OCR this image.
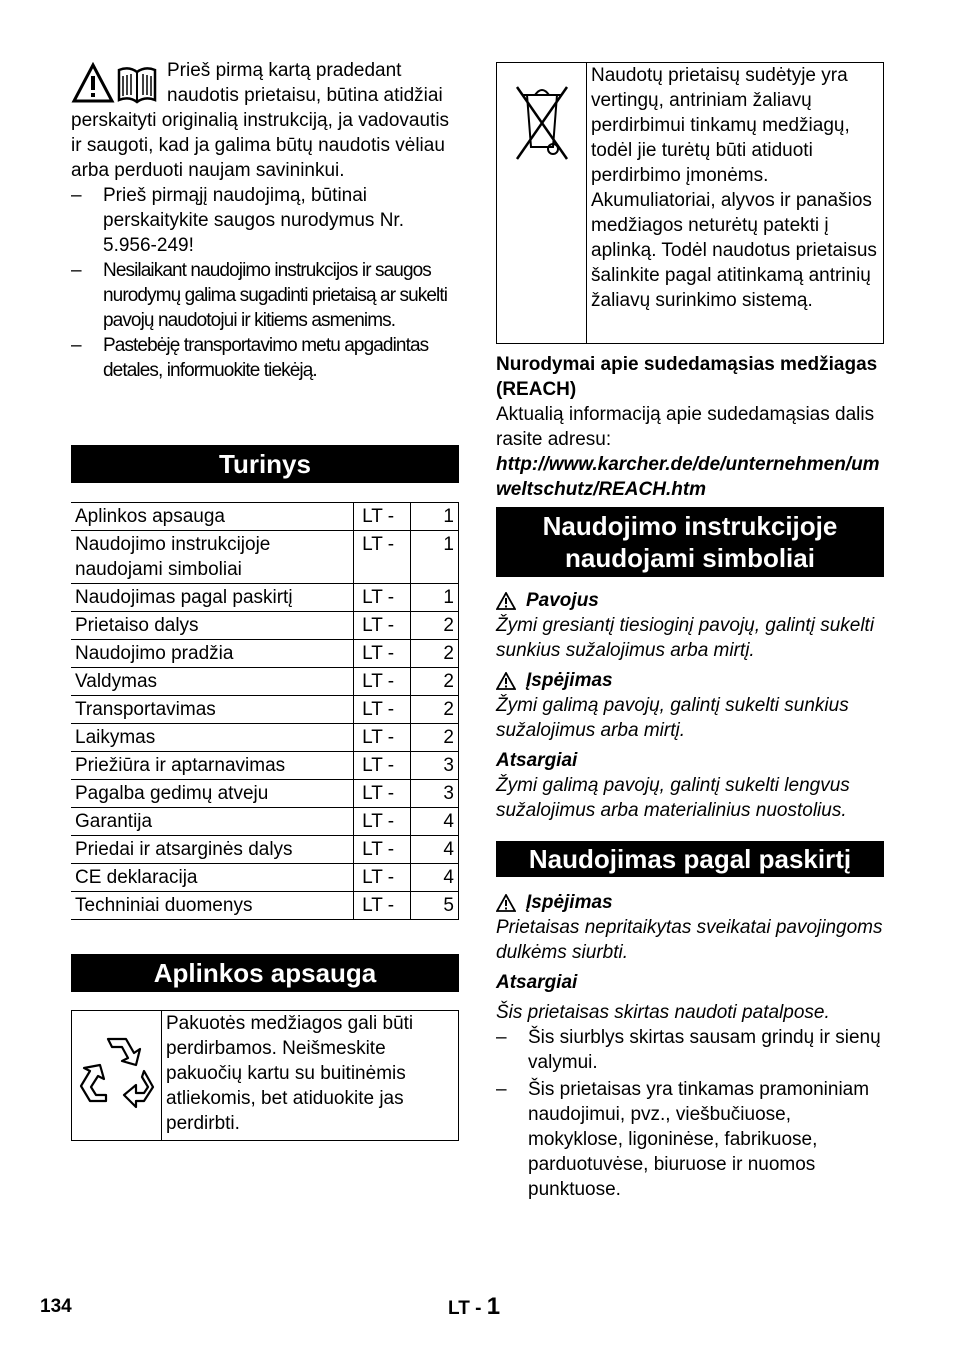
Prieš pirmą kartą pradedant naudotis prietaisu, būtina atidžiai perskaityti originalią instrukciją, ja vadovautis ir saugoti, kad ja galima būtų naudotis vėliau arba perduoti naujam savininkui.

– Prieš pirmąjį naudojimą, būtinai perskaitykite saugos nurodymus Nr. 5.956-249!
– Nesilaikant naudojimo instrukcijos ir saugos nurodymų galima sugadinti prietaisą ar sukelti pavojų naudotojui ir kitiems asmenims.
– Pastebėję transportavimo metu apgadintas detales, informuokite tiekėją.
Turinys
Aplinkos apsauga	LT -	1
Naudojimo instrukcijoje naudojami simboliai	LT -	1
Naudojimas pagal paskirtį	LT -	1
Prietaiso dalys	LT -	2
Naudojimo pradžia	LT -	2
Valdymas	LT -	2
Transportavimas	LT -	2
Laikymas	LT -	2
Priežiūra ir aptarnavimas	LT -	3
Pagalba gedimų atveju	LT -	3
Garantija	LT -	4
Priedai ir atsarginės dalys	LT -	4
CE deklaracija	LT -	4
Techniniai duomenys	LT -	5
Aplinkos apsauga
Pakuotės medžiagos gali būti perdirbamos. Neišmeskite pakuočių kartu su buitinėmis atliekomis, bet atiduokite jas perdirbti.
Naudotų prietaisų sudėtyje yra vertingų, antriniam žaliavų perdirbimui tinkamų medžiagų, todėl jie turėtų būti atiduoti perdirbimo įmonėms. Akumuliatoriai, alyvos ir panašios medžiagos neturėtų patekti į aplinką. Todėl naudotus prietaisus šalinkite pagal atitinkamą antrinių žaliavų surinkimo sistemą.

Nurodymai apie sudedamąsias medžiagas (REACH)

Aktualią informaciją apie sudedamąsias dalis rasite adresu:

http://www.karcher.de/de/unternehmen/umweltschutz/REACH.htm

Naudojimo instrukcijoje naudojami simboliai
Pavojus

Žymi gresiantį tiesioginį pavojų, galintį sukelti sunkius sužalojimus arba mirtį.

Įspėjimas

Žymi galimą pavojų, galintį sukelti sunkius sužalojimus arba mirtį.

Atsargiai

Žymi galimą pavojų, galintį sukelti lengvus sužalojimus arba materialinius nuostolius.

Naudojimas pagal paskirtį
Įspėjimas

Prietaisas nepritaikytas sveikatai pavojingoms dulkėms siurbti.

Atsargiai

Šis prietaisas skirtas naudoti patalpose.

– Šis siurblys skirtas sausam grindų ir sienų valymui.
– Šis prietaisas yra tinkamas pramoniniam naudojimui, pvz., viešbučiuose, mokyklose, ligoninėse, fabrikuose, parduotuvėse, biuruose ir nuomos punktuose.
134	LT - 1
